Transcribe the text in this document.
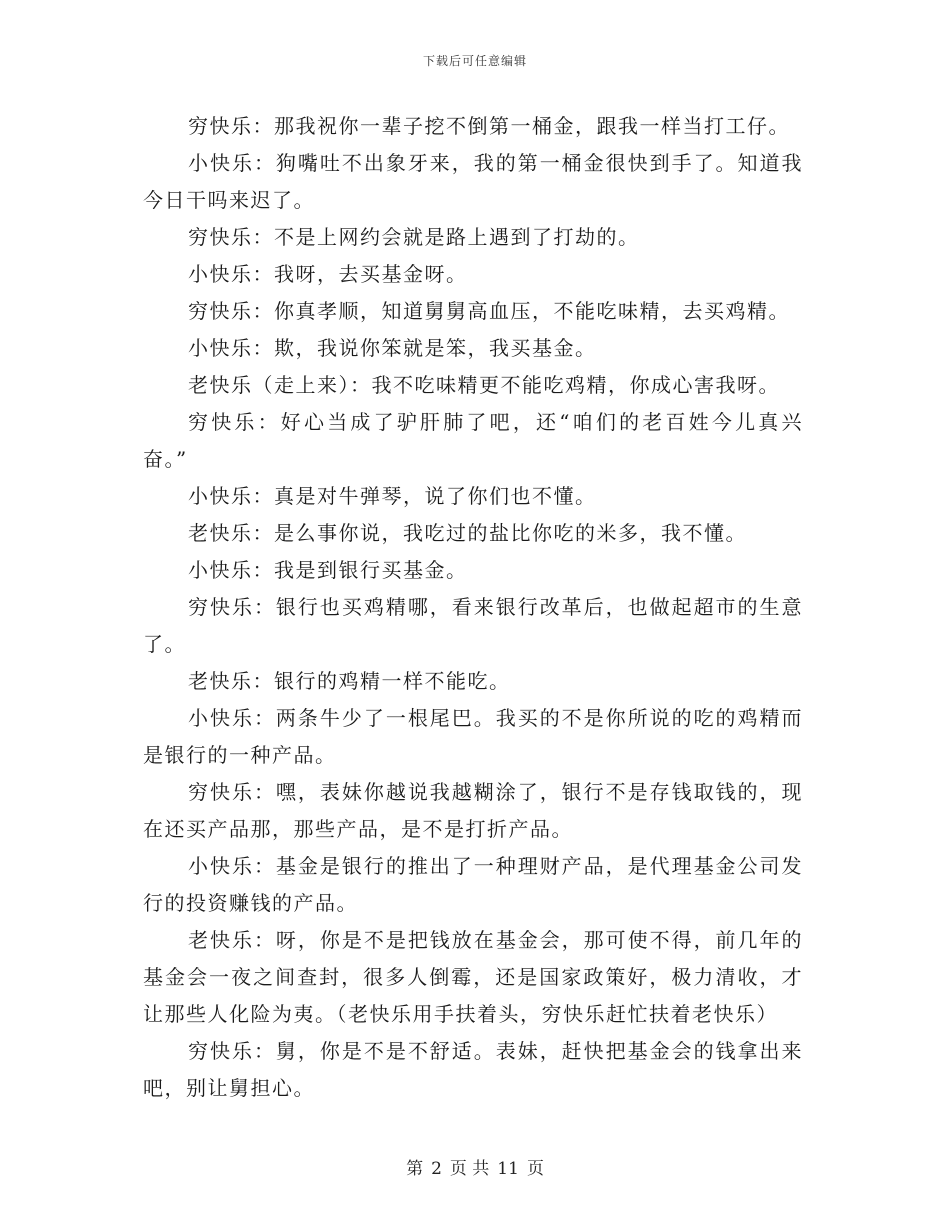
下载后可任意编辑

穷快乐：那我祝你一辈子挖不倒第一桶金，跟我一样当打工仔。

小快乐：狗嘴吐不出象牙来，我的第一桶金很快到手了。知道我今日干吗来迟了。

穷快乐：不是上网约会就是路上遇到了打劫的。

小快乐：我呀，去买基金呀。

穷快乐：你真孝顺，知道舅舅高血压，不能吃味精，去买鸡精。

小快乐：欺，我说你笨就是笨，我买基金。

老快乐（走上来）：我不吃味精更不能吃鸡精，你成心害我呀。

穷快乐：好心当成了驴肝肺了吧，还“咱们的老百姓今儿真兴奋。”

小快乐：真是对牛弹琴，说了你们也不懂。

老快乐：是么事你说，我吃过的盐比你吃的米多，我不懂。

小快乐：我是到银行买基金。

穷快乐：银行也买鸡精哪，看来银行改革后，也做起超市的生意了。

老快乐：银行的鸡精一样不能吃。

小快乐：两条牛少了一根尾巴。我买的不是你所说的吃的鸡精而是银行的一种产品。

穷快乐：嘿，表妹你越说我越糊涂了，银行不是存钱取钱的，现在还买产品那，那些产品，是不是打折产品。

小快乐：基金是银行的推出了一种理财产品，是代理基金公司发行的投资赚钱的产品。

老快乐：呀，你是不是把钱放在基金会，那可使不得，前几年的基金会一夜之间查封，很多人倒霉，还是国家政策好，极力清收，才让那些人化险为夷。（老快乐用手扶着头，穷快乐赶忙扶着老快乐）

穷快乐：舅，你是不是不舒适。表妹，赶快把基金会的钱拿出来吧，别让舅担心。

第 2 页 共 11 页
